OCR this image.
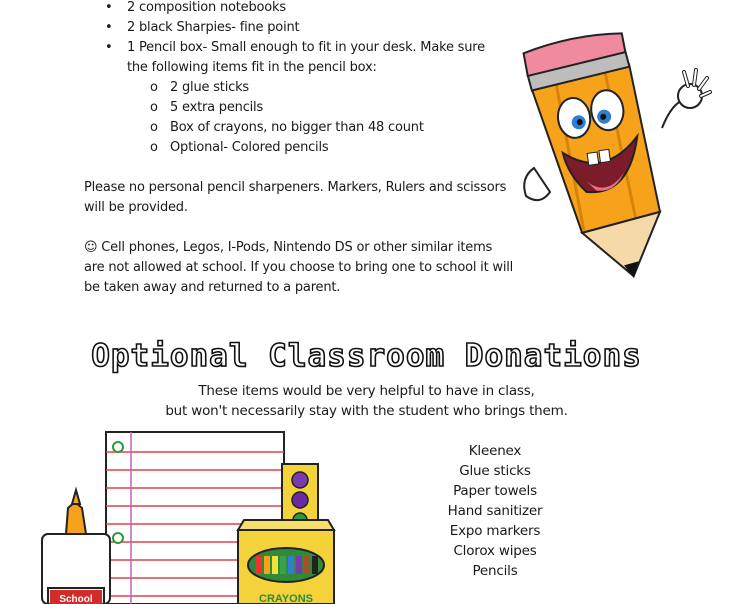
• 2 composition notebooks
• 2 black Sharpies- fine point
• 1 Pencil box- Small enough to fit in your desk. Make sure the following items fit in the pencil box:
o 2 glue sticks
o 5 extra pencils
o Box of crayons, no bigger than 48 count
o Optional- Colored pencils

Please no personal pencil sharpeners. Markers, Rulers and scissors will be provided.

☺ Cell phones, Legos, I-Pods, Nintendo DS or other similar items are not allowed at school. If you choose to bring one to school it will be taken away and returned to a parent.

Optional Classroom Donations
These items would be very helpful to have in class,
but won't necessarily stay with the student who brings them.
Kleenex
Glue sticks
Paper towels
Hand sanitizer
Expo markers
Clorox wipes
Pencils
CRAYONS
School
